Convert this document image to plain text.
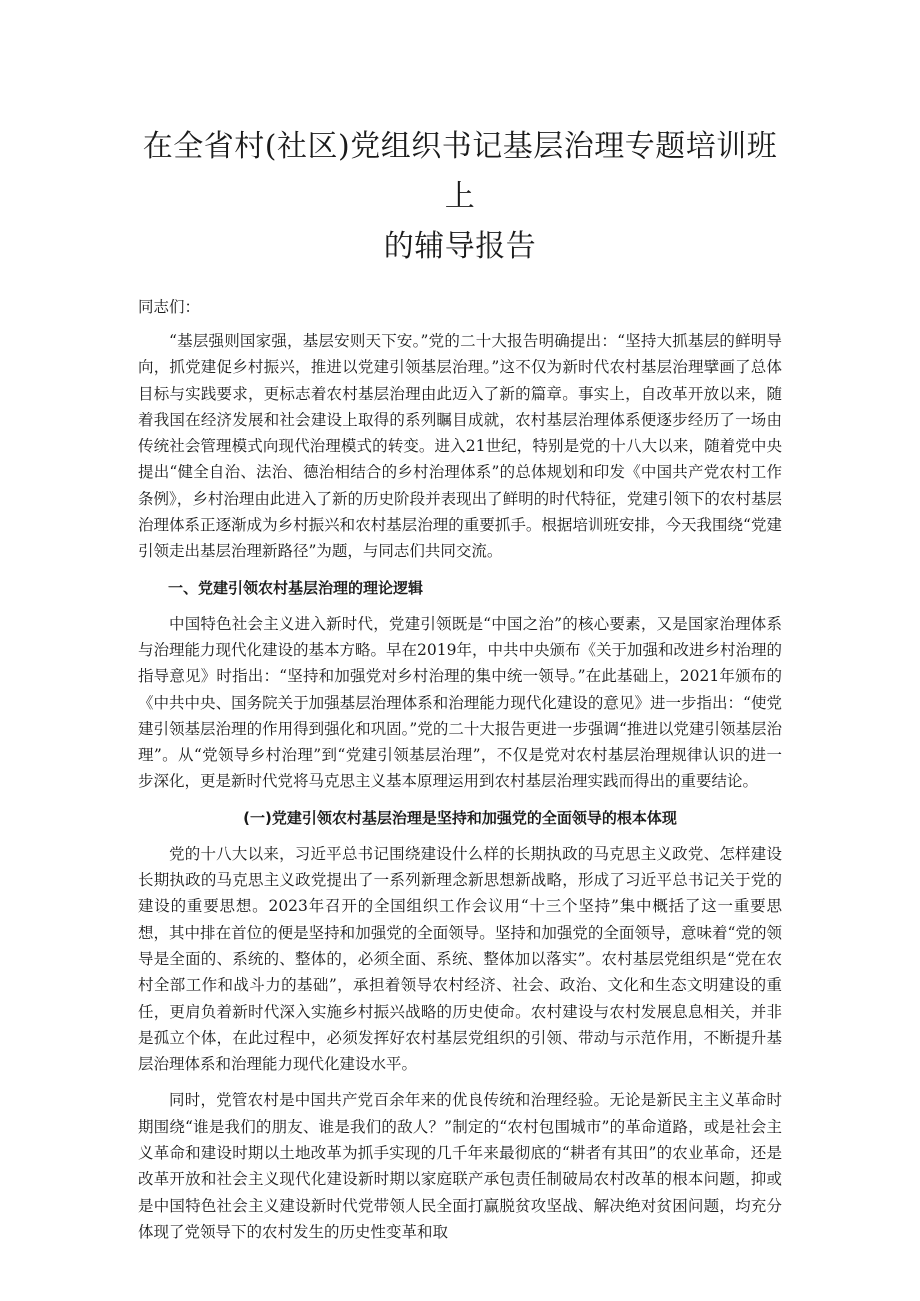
在全省村(社区)党组织书记基层治理专题培训班上
的辅导报告

同志们：

“基层强则国家强，基层安则天下安。”党的二十大报告明确提出：“坚持大抓基层的鲜明导向，抓党建促乡村振兴，推进以党建引领基层治理。”这不仅为新时代农村基层治理擘画了总体目标与实践要求，更标志着农村基层治理由此迈入了新的篇章。事实上，自改革开放以来，随着我国在经济发展和社会建设上取得的系列瞩目成就，农村基层治理体系便逐步经历了一场由传统社会管理模式向现代治理模式的转变。进入21世纪，特别是党的十八大以来，随着党中央提出“健全自治、法治、德治相结合的乡村治理体系”的总体规划和印发《中国共产党农村工作条例》，乡村治理由此进入了新的历史阶段并表现出了鲜明的时代特征，党建引领下的农村基层治理体系正逐渐成为乡村振兴和农村基层治理的重要抓手。根据培训班安排，今天我围绕“党建引领走出基层治理新路径”为题，与同志们共同交流。

一、党建引领农村基层治理的理论逻辑

中国特色社会主义进入新时代，党建引领既是“中国之治”的核心要素，又是国家治理体系与治理能力现代化建设的基本方略。早在2019年，中共中央颁布《关于加强和改进乡村治理的指导意见》时指出：“坚持和加强党对乡村治理的集中统一领导。”在此基础上，2021年颁布的《中共中央、国务院关于加强基层治理体系和治理能力现代化建设的意见》进一步指出：“使党建引领基层治理的作用得到强化和巩固。”党的二十大报告更进一步强调“推进以党建引领基层治理”。从“党领导乡村治理”到“党建引领基层治理”，不仅是党对农村基层治理规律认识的进一步深化，更是新时代党将马克思主义基本原理运用到农村基层治理实践而得出的重要结论。

(一)党建引领农村基层治理是坚持和加强党的全面领导的根本体现

党的十八大以来，习近平总书记围绕建设什么样的长期执政的马克思主义政党、怎样建设长期执政的马克思主义政党提出了一系列新理念新思想新战略，形成了习近平总书记关于党的建设的重要思想。2023年召开的全国组织工作会议用“十三个坚持”集中概括了这一重要思想，其中排在首位的便是坚持和加强党的全面领导。坚持和加强党的全面领导，意味着“党的领导是全面的、系统的、整体的，必须全面、系统、整体加以落实”。农村基层党组织是“党在农村全部工作和战斗力的基础”，承担着领导农村经济、社会、政治、文化和生态文明建设的重任，更肩负着新时代深入实施乡村振兴战略的历史使命。农村建设与农村发展息息相关，并非是孤立个体，在此过程中，必须发挥好农村基层党组织的引领、带动与示范作用，不断提升基层治理体系和治理能力现代化建设水平。

同时，党管农村是中国共产党百余年来的优良传统和治理经验。无论是新民主主义革命时期围绕“谁是我们的朋友、谁是我们的敌人？”制定的“农村包围城市”的革命道路，或是社会主义革命和建设时期以土地改革为抓手实现的几千年来最彻底的“耕者有其田”的农业革命，还是改革开放和社会主义现代化建设新时期以家庭联产承包责任制破局农村改革的根本问题，抑或是中国特色社会主义建设新时代党带领人民全面打赢脱贫攻坚战、解决绝对贫困问题，均充分体现了党领导下的农村发生的历史性变革和取
